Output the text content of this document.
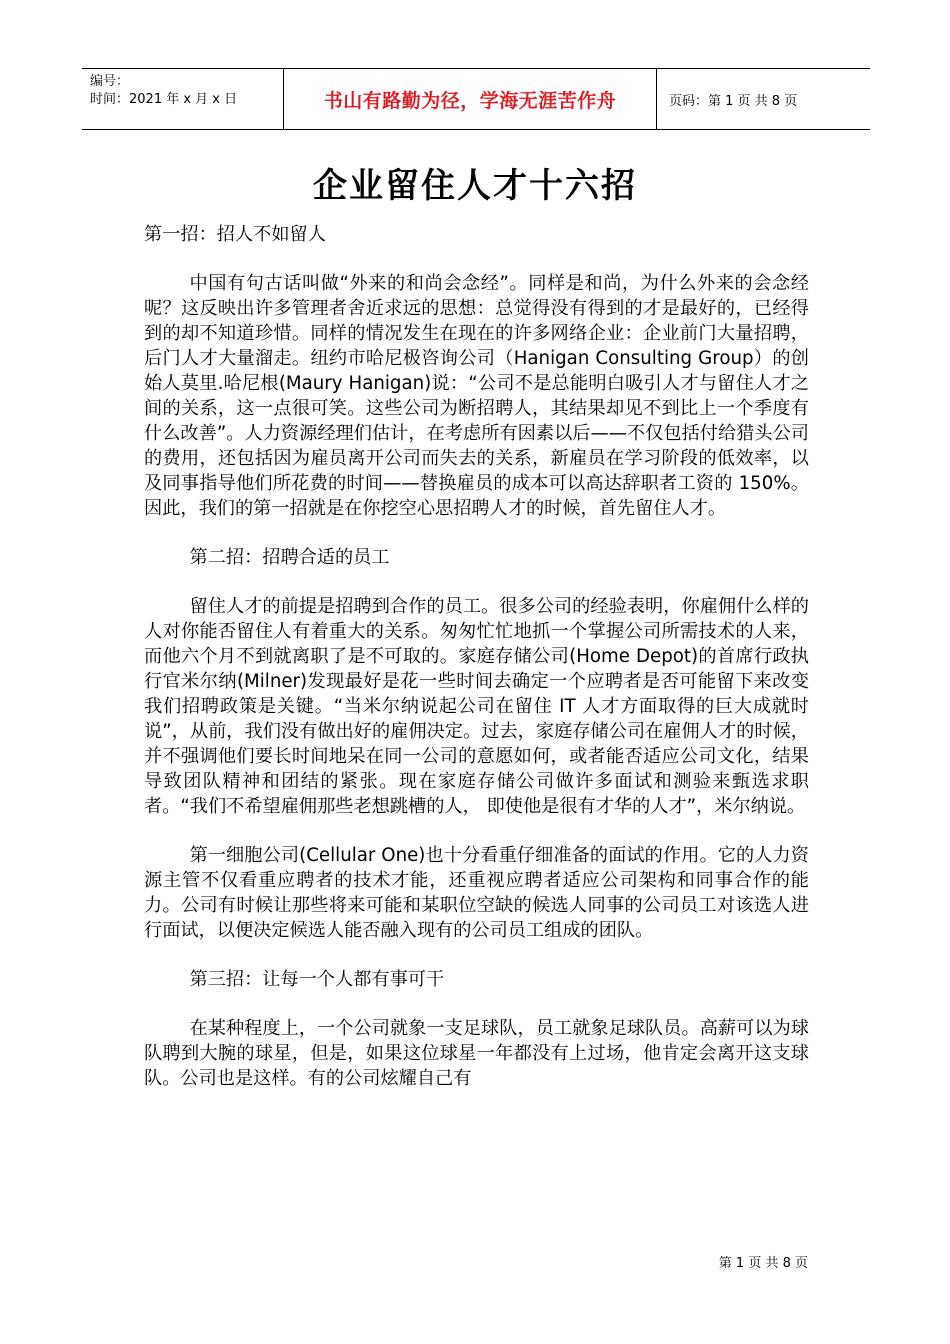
编号：
时间：2021 年 x 月 x 日	书山有路勤为径，学海无涯苦作舟	页码：第 1 页 共 8 页
企业留住人才十六招

第一招：招人不如留人

中国有句古话叫做“外来的和尚会念经”。同样是和尚，为什么外来的会念经呢？这反映出许多管理者舍近求远的思想：总觉得没有得到的才是最好的，已经得到的却不知道珍惜。同样的情况发生在现在的许多网络企业：企业前门大量招聘，后门人才大量溜走。纽约市哈尼极咨询公司（Hanigan Consulting Group）的创始人莫里.哈尼根(Maury Hanigan)说：“公司不是总能明白吸引人才与留住人才之间的关系，这一点很可笑。这些公司为断招聘人，其结果却见不到比上一个季度有什么改善”。人力资源经理们估计，在考虑所有因素以后——不仅包括付给猎头公司的费用，还包括因为雇员离开公司而失去的关系，新雇员在学习阶段的低效率，以及同事指导他们所花费的时间——替换雇员的成本可以高达辞职者工资的 150%。因此，我们的第一招就是在你挖空心思招聘人才的时候，首先留住人才。

第二招：招聘合适的员工

留住人才的前提是招聘到合作的员工。很多公司的经验表明，你雇佣什么样的人对你能否留住人有着重大的关系。匆匆忙忙地抓一个掌握公司所需技术的人来，而他六个月不到就离职了是不可取的。家庭存储公司(Home Depot)的首席行政执行官米尔纳(Milner)发现最好是花一些时间去确定一个应聘者是否可能留下来改变我们招聘政策是关键。“当米尔纳说起公司在留住 IT 人才方面取得的巨大成就时说”，从前，我们没有做出好的雇佣决定。过去，家庭存储公司在雇佣人才的时候，并不强调他们要长时间地呆在同一公司的意愿如何，或者能否适应公司文化，结果导致团队精神和团结的紧张。现在家庭存储公司做许多面试和测验来甄选求职者。“我们不希望雇佣那些老想跳槽的人， 即使他是很有才华的人才”，米尔纳说。

第一细胞公司(Cellular One)也十分看重仔细准备的面试的作用。它的人力资源主管不仅看重应聘者的技术才能，还重视应聘者适应公司架构和同事合作的能力。公司有时候让那些将来可能和某职位空缺的候选人同事的公司员工对该选人进行面试，以便决定候选人能否融入现有的公司员工组成的团队。

第三招：让每一个人都有事可干

在某种程度上，一个公司就象一支足球队，员工就象足球队员。高薪可以为球队聘到大腕的球星，但是，如果这位球星一年都没有上过场，他肯定会离开这支球队。公司也是这样。有的公司炫耀自己有

第 1 页 共 8 页
